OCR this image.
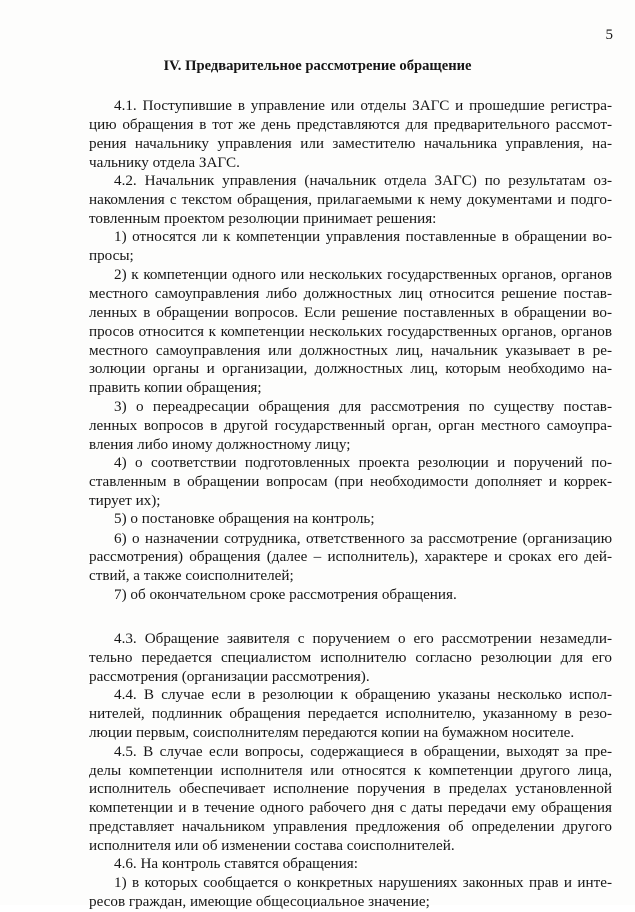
5
IV. Предварительное рассмотрение обращение
4.1. Поступившие в управление или отделы ЗАГС и прошедшие регистра-
цию обращения в тот же день представляются для предварительного рассмот-
рения начальнику управления или заместителю начальника управления, на-
чальнику отдела ЗАГС.
4.2. Начальник управления (начальник отдела ЗАГС) по результатам оз-
накомления с текстом обращения, прилагаемыми к нему документами и подго-
товленным проектом резолюции принимает решения:
1) относятся ли к компетенции управления поставленные в обращении во-
просы;
2) к компетенции одного или нескольких государственных органов, органов
местного самоуправления либо должностных лиц относится решение постав-
ленных в обращении вопросов. Если решение поставленных в обращении во-
просов относится к компетенции нескольких государственных органов, органов
местного самоуправления или должностных лиц, начальник указывает в ре-
золюции органы и организации, должностных лиц, которым необходимо на-
править копии обращения;
3) о переадресации обращения для рассмотрения по существу постав-
ленных вопросов в другой государственный орган, орган местного самоупра-
вления либо иному должностному лицу;
4) о соответствии подготовленных проекта резолюции и поручений по-
ставленным в обращении вопросам (при необходимости дополняет и коррек-
тирует их);
5) о постановке обращения на контроль;
6) о назначении сотрудника, ответственного за рассмотрение (организацию
рассмотрения) обращения (далее – исполнитель), характере и сроках его дей-
ствий, а также соисполнителей;
7) об окончательном сроке рассмотрения обращения.
4.3. Обращение заявителя с поручением о его рассмотрении незамедли-
тельно передается специалистом исполнителю согласно резолюции для его
рассмотрения (организации рассмотрения).
4.4. В случае если в резолюции к обращению указаны несколько испол-
нителей, подлинник обращения передается исполнителю, указанному в резо-
люции первым, соисполнителям передаются копии на бумажном носителе.
4.5. В случае если вопросы, содержащиеся в обращении, выходят за пре-
делы компетенции исполнителя или относятся к компетенции другого лица,
исполнитель обеспечивает исполнение поручения в пределах установленной
компетенции и в течение одного рабочего дня с даты передачи ему обращения
представляет начальником управления предложения об определении другого
исполнителя или об изменении состава соисполнителей.
4.6. На контроль ставятся обращения:
1) в которых сообщается о конкретных нарушениях законных прав и инте-
ресов граждан, имеющие общесоциальное значение;
